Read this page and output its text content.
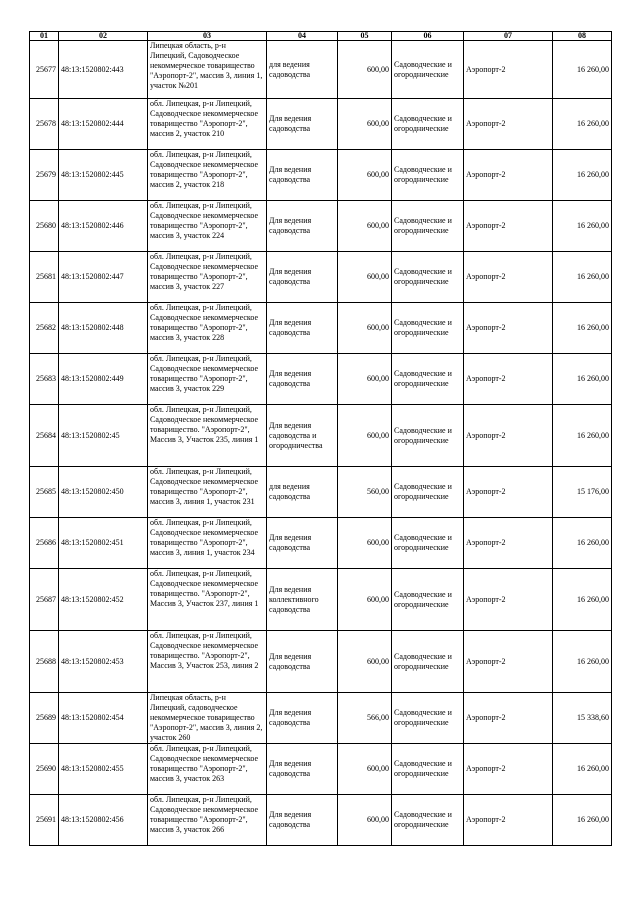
01	02	03	04	05	06	07	08
25677	48:13:1520802:443	Липецкая область, р-н Липецкий, Садоводческое некоммерческое товарищество "Аэропорт-2", массив 3, линия 1, участок №201	для ведения садоводства	600,00	Садоводческие и огороднические	Аэропорт-2	16 260,00
25678	48:13:1520802:444	обл. Липецкая, р-н Липецкий, Садоводческое некоммерческое товарищество "Аэропорт-2", массив 2, участок 210	Для ведения садоводства	600,00	Садоводческие и огороднические	Аэропорт-2	16 260,00
25679	48:13:1520802:445	обл. Липецкая, р-н Липецкий, Садоводческое некоммерческое товарищество "Аэропорт-2", массив 2, участок 218	Для ведения садоводства	600,00	Садоводческие и огороднические	Аэропорт-2	16 260,00
25680	48:13:1520802:446	обл. Липецкая, р-н Липецкий, Садоводческое некоммерческое товарищество "Аэропорт-2", массив 3, участок 224	Для ведения садоводства	600,00	Садоводческие и огороднические	Аэропорт-2	16 260,00
25681	48:13:1520802:447	обл. Липецкая, р-н Липецкий, Садоводческое некоммерческое товарищество "Аэропорт-2", массив 3, участок 227	Для ведения садоводства	600,00	Садоводческие и огороднические	Аэропорт-2	16 260,00
25682	48:13:1520802:448	обл. Липецкая, р-н Липецкий, Садоводческое некоммерческое товарищество "Аэропорт-2", массив 3, участок 228	Для ведения садоводства	600,00	Садоводческие и огороднические	Аэропорт-2	16 260,00
25683	48:13:1520802:449	обл. Липецкая, р-н Липецкий, Садоводческое некоммерческое товарищество "Аэропорт-2", массив 3, участок 229	Для ведения садоводства	600,00	Садоводческие и огороднические	Аэропорт-2	16 260,00
25684	48:13:1520802:45	обл. Липецкая, р-н Липецкий, Садоводческое некоммерческое товарищество. "Аэропорт-2", Массив 3, Участок 235, линия 1	Для ведения садоводства и огородничества	600,00	Садоводческие и огороднические	Аэропорт-2	16 260,00
25685	48:13:1520802:450	обл. Липецкая, р-н Липецкий, Садоводческое некоммерческое товарищество "Аэропорт-2", массив 3, линия 1, участок 231	для ведения садоводства	560,00	Садоводческие и огороднические	Аэропорт-2	15 176,00
25686	48:13:1520802:451	обл. Липецкая, р-н Липецкий, Садоводческое некоммерческое товарищество "Аэропорт-2", массив 3, линия 1, участок 234	Для ведения садоводства	600,00	Садоводческие и огороднические	Аэропорт-2	16 260,00
25687	48:13:1520802:452	обл. Липецкая, р-н Липецкий, Садоводческое некоммерческое товарищество. "Аэропорт-2", Массив 3, Участок 237, линия 1	Для ведения коллективного садоводства	600,00	Садоводческие и огороднические	Аэропорт-2	16 260,00
25688	48:13:1520802:453	обл. Липецкая, р-н Липецкий, Садоводческое некоммерческое товарищество. "Аэропорт-2", Массив 3, Участок 253, линия 2	Для ведения садоводства	600,00	Садоводческие и огороднические	Аэропорт-2	16 260,00
25689	48:13:1520802:454	Липецкая область, р-н Липецкий, садоводческое некоммерческое товарищество "Аэропорт-2", массив 3, линия 2, участок 260	Для ведения садоводства	566,00	Садоводческие и огороднические	Аэропорт-2	15 338,60
25690	48:13:1520802:455	обл. Липецкая, р-н Липецкий, Садоводческое некоммерческое товарищество "Аэропорт-2", массив 3, участок 263	Для ведения садоводства	600,00	Садоводческие и огороднические	Аэропорт-2	16 260,00
25691	48:13:1520802:456	обл. Липецкая, р-н Липецкий, Садоводческое некоммерческое товарищество "Аэропорт-2", массив 3, участок 266	Для ведения садоводства	600,00	Садоводческие и огороднические	Аэропорт-2	16 260,00
